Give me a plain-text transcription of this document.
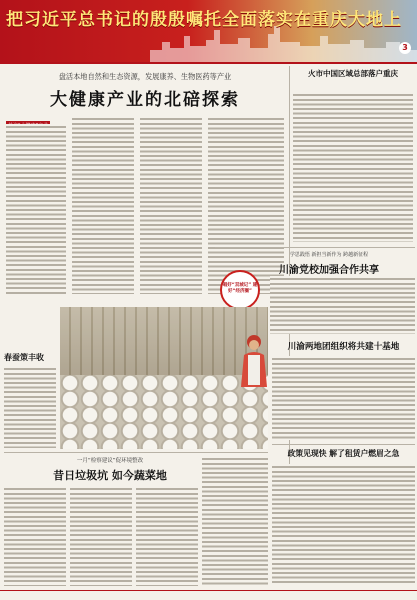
把习近平总书记的殷殷嘱托全面落实在重庆大地上
3
盘活本地自然和生态资源，发展康养、生物医药等产业
大健康产业的北碚探索
火市中国区域总部落户重庆
学思践悟 新担当新作为 跨越新征程
川渝党校加强合作共享
唱好“双城记” 建好“经济圈”
春蚕策丰收
川渝两地团组织将共建十基地
一月“检察建议”促环境整改
昔日垃圾坑 如今蔬菜地
政策见现快 解了租赁户燃眉之急
